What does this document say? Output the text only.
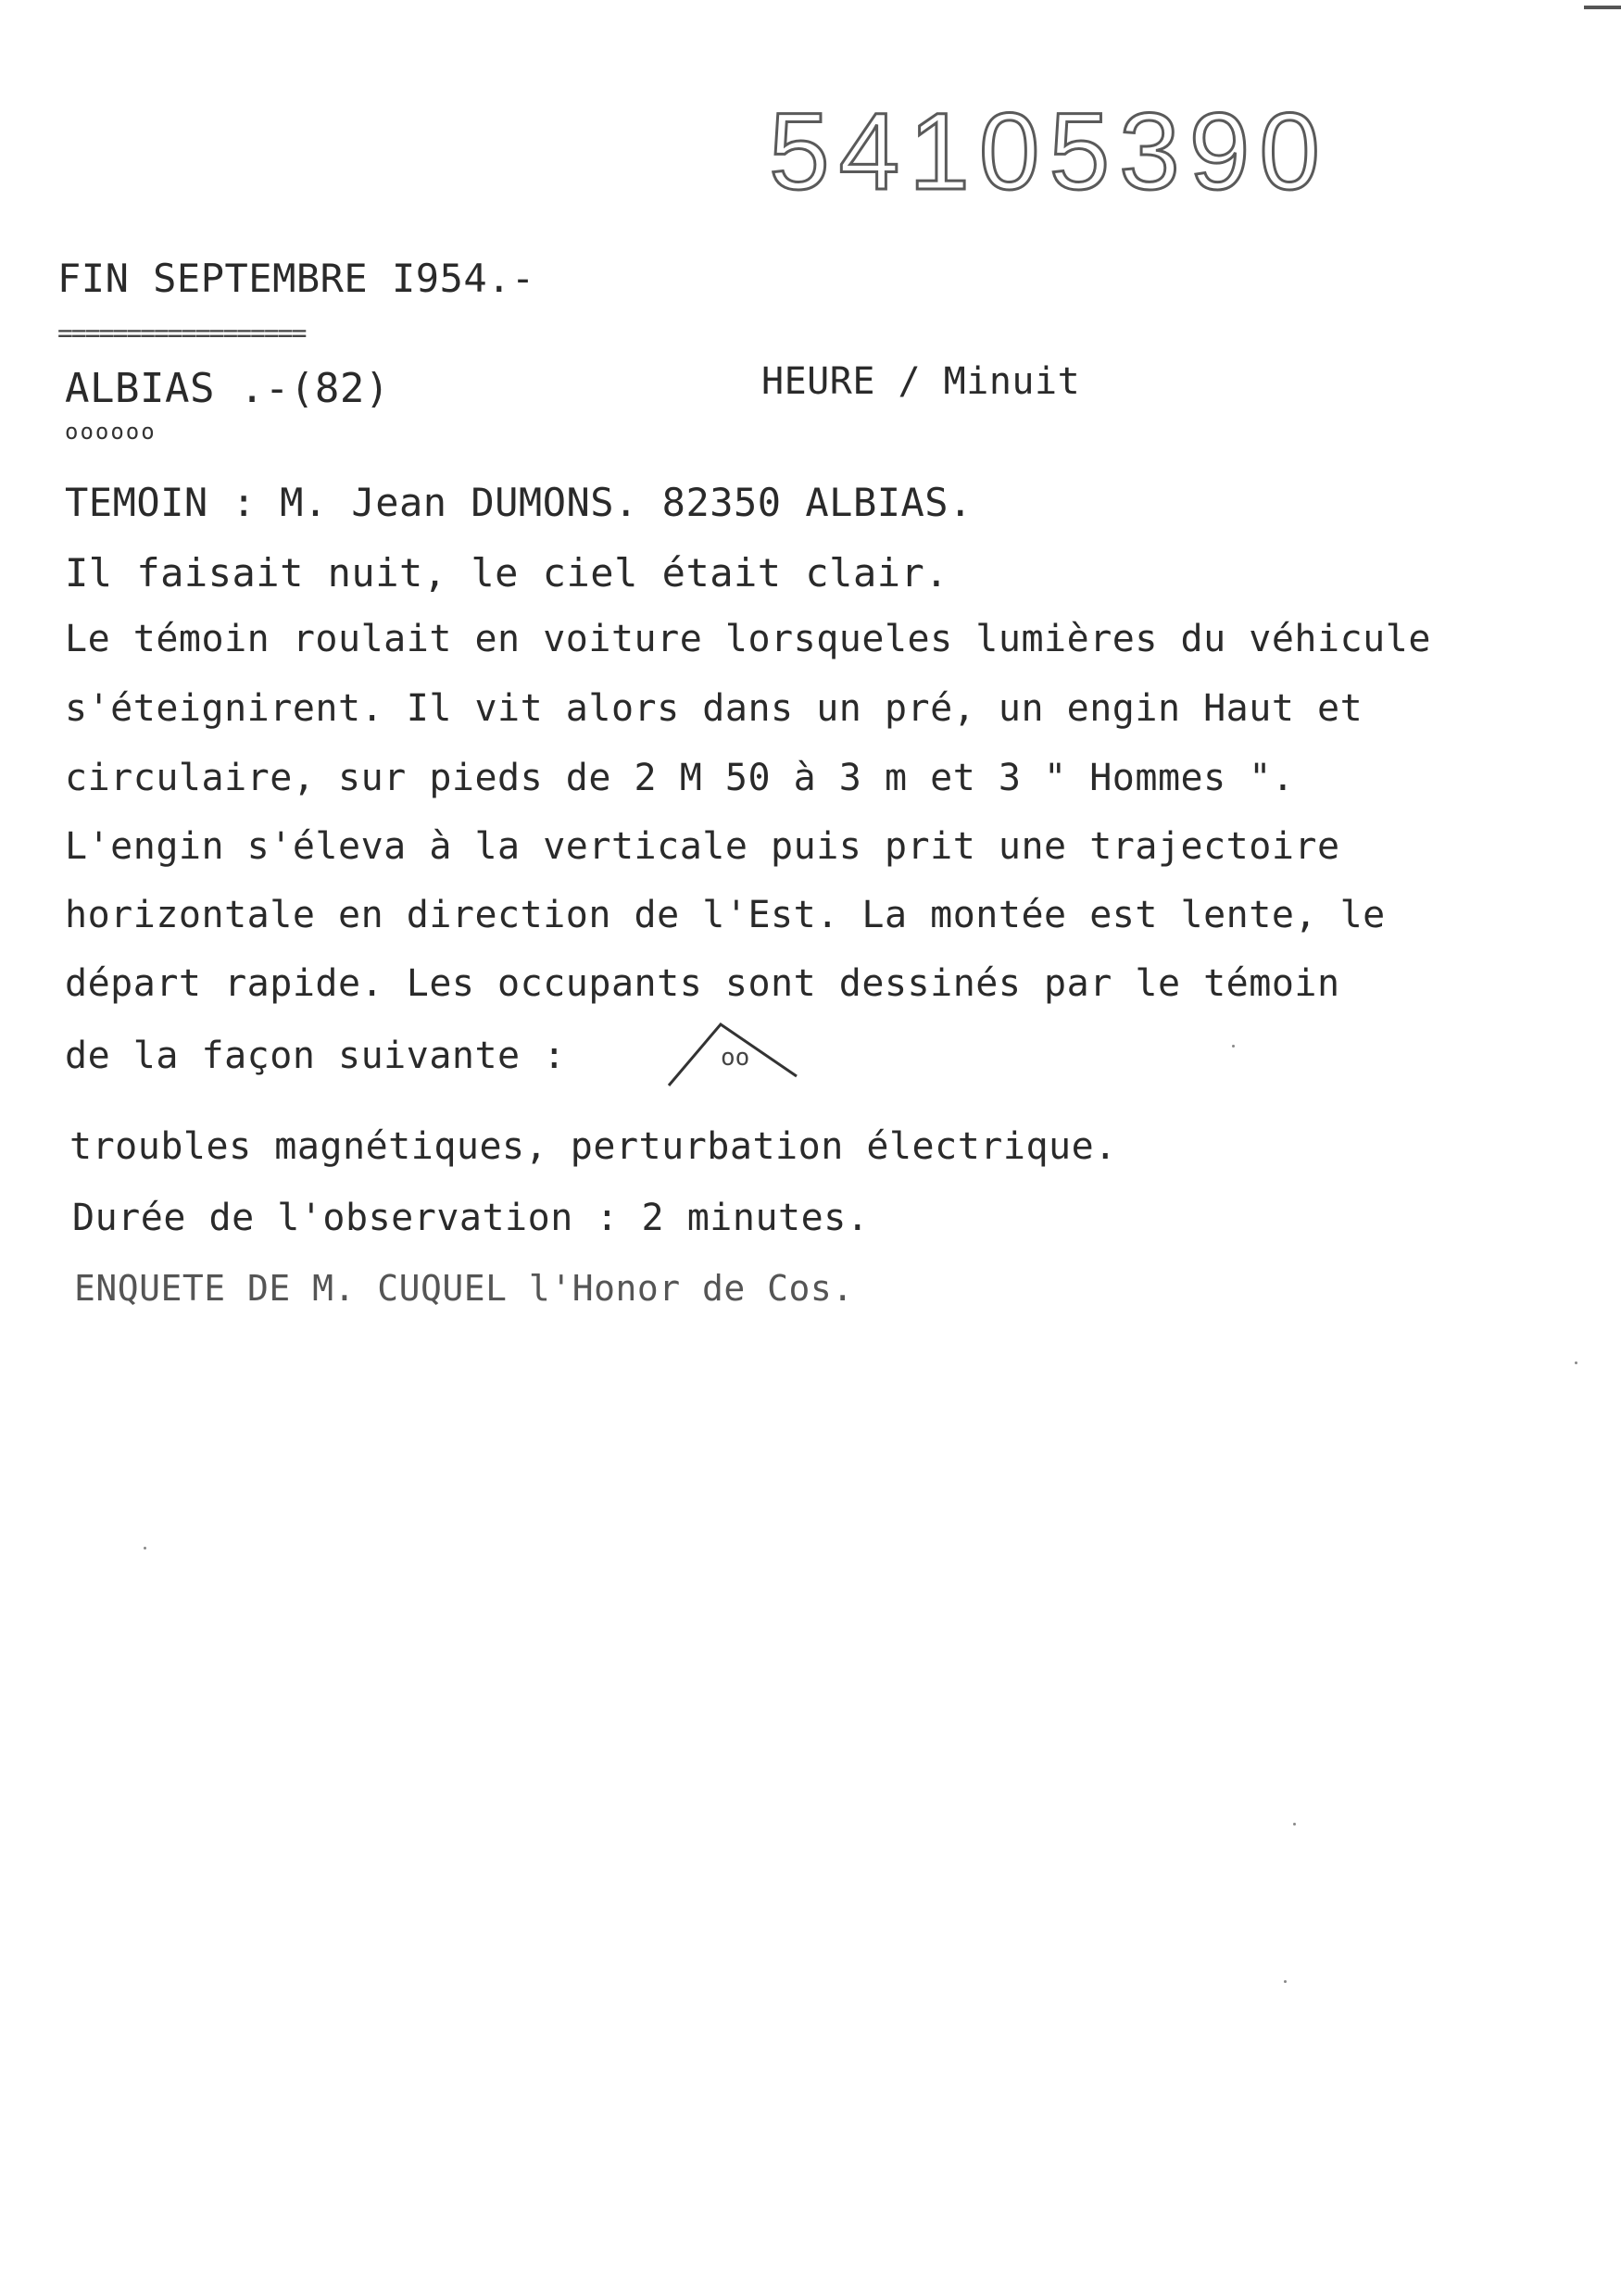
54105390
FIN SEPTEMBRE I954.-
==================
ALBIAS .-(82)
oooooo
HEURE / Minuit
TEMOIN : M. Jean DUMONS. 82350 ALBIAS.
Il faisait nuit, le ciel était clair.
Le témoin roulait en voiture lorsqueles lumières du véhicule
s'éteignirent. Il vit alors dans un pré, un engin Haut et
circulaire, sur pieds de 2 M 50 à 3 m et 3 " Hommes ".
L'engin s'éleva à la verticale puis prit une trajectoire
horizontale en direction de l'Est. La montée est lente, le
départ rapide. Les occupants sont dessinés par le témoin
de la façon suivante :	oo
troubles magnétiques, perturbation électrique.
Durée de l'observation : 2 minutes.
ENQUETE DE M. CUQUEL l'Honor de Cos.
